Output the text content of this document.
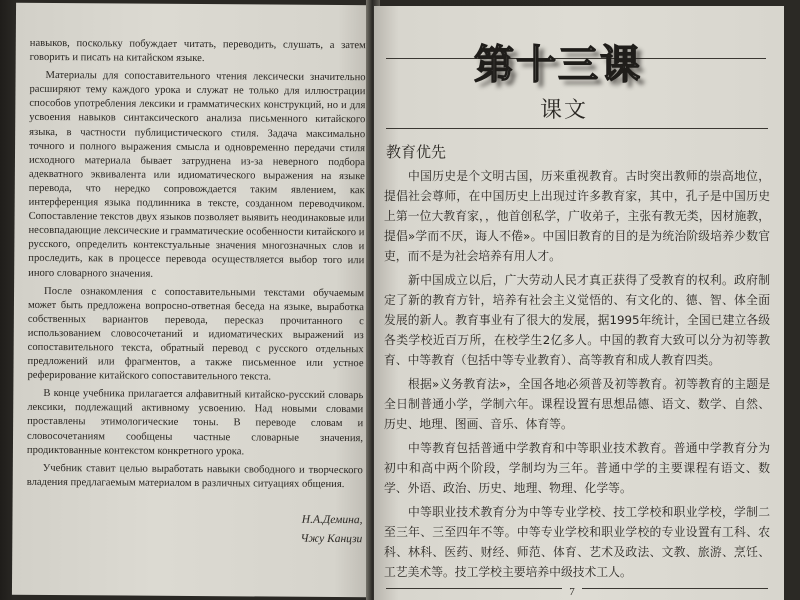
навыков, поскольку побуждает читать, переводить, слушать, а затем говорить и писать на китайском языке.

Материалы для сопоставительного чтения лексически значительно расширяют тему каждого урока и служат не только для иллюстрации способов употребления лексики и грамматических конструкций, но и для усвоения навыков синтаксического анализа письменного китайского языка, в частности публицистического стиля. Задача максимально точного и полного выражения смысла и одновременно передачи стиля исходного материала бывает затруднена из-за неверного подбора адекватного эквивалента или идиоматического выражения на языке перевода, что нередко сопровождается таким явлением, как интерференция языка подлинника в тексте, созданном переводчиком. Сопоставление текстов двух языков позволяет выявить неодинаковые или несовпадающие лексические и грамматические особенности китайского и русского, определить контекстуальные значения многозначных слов и проследить, как в процессе перевода осуществляется выбор того или иного словарного значения.

После ознакомления с сопоставительными текстами обучаемым может быть предложена вопросно-ответная беседа на языке, выработка собственных вариантов перевода, пересказ прочитанного с использованием словосочетаний и идиоматических выражений из сопоставительного текста, обратный перевод с русского отдельных предложений или фрагментов, а также письменное или устное реферирование китайского сопоставительного текста.

В конце учебника прилагается алфавитный китайско-русский словарь лексики, подлежащий активному усвоению. Над новыми словами проставлены этимологические тоны. В переводе словам и словосочетаниям сообщены частные словарные значения, продиктованные контекстом конкретного урока.

Учебник ставит целью выработать навыки свободного и творческого владения предлагаемым материалом в различных ситуациях общения.

Н.А.Демина,
Чжу Канцзи
第十三课
课文
教育优先

中国历史是个文明古国，历来重视教育。古时突出教师的崇高地位，提倡社会尊师，在中国历史上出现过许多教育家，其中，孔子是中国历史上第一位大教育家，，他首创私学，广收弟子，主张有教无类，因材施教，提倡»学而不厌，诲人不倦»。中国旧教育的目的是为统治阶级培养少数官吏，而不是为社会培养有用人才。

新中国成立以后，广大劳动人民才真正获得了受教育的权利。政府制定了新的教育方针，培养有社会主义觉悟的、有文化的、德、智、体全面发展的新人。教育事业有了很大的发展，据1995年统计，全国已建立各级各类学校近百万所，在校学生2亿多人。中国的教育大致可以分为初等教育、中等教育（包括中等专业教育）、高等教育和成人教育四类。

根据»义务教育法»，全国各地必须普及初等教育。初等教育的主题是全日制普通小学，学制六年。课程设置有思想品德、语文、数学、自然、历史、地理、图画、音乐、体育等。

中等教育包括普通中学教育和中等职业技术教育。普通中学教育分为初中和高中两个阶段，学制均为三年。普通中学的主要课程有语文、数学、外语、政治、历史、地理、物理、化学等。

中等职业技术教育分为中等专业学校、技工学校和职业学校，学制二至三年、三至四年不等。中等专业学校和职业学校的专业设置有工科、农科、林科、医药、财经、师范、体育、艺术及政法、文教、旅游、烹饪、工艺美术等。技工学校主要培养中级技术工人。

7
